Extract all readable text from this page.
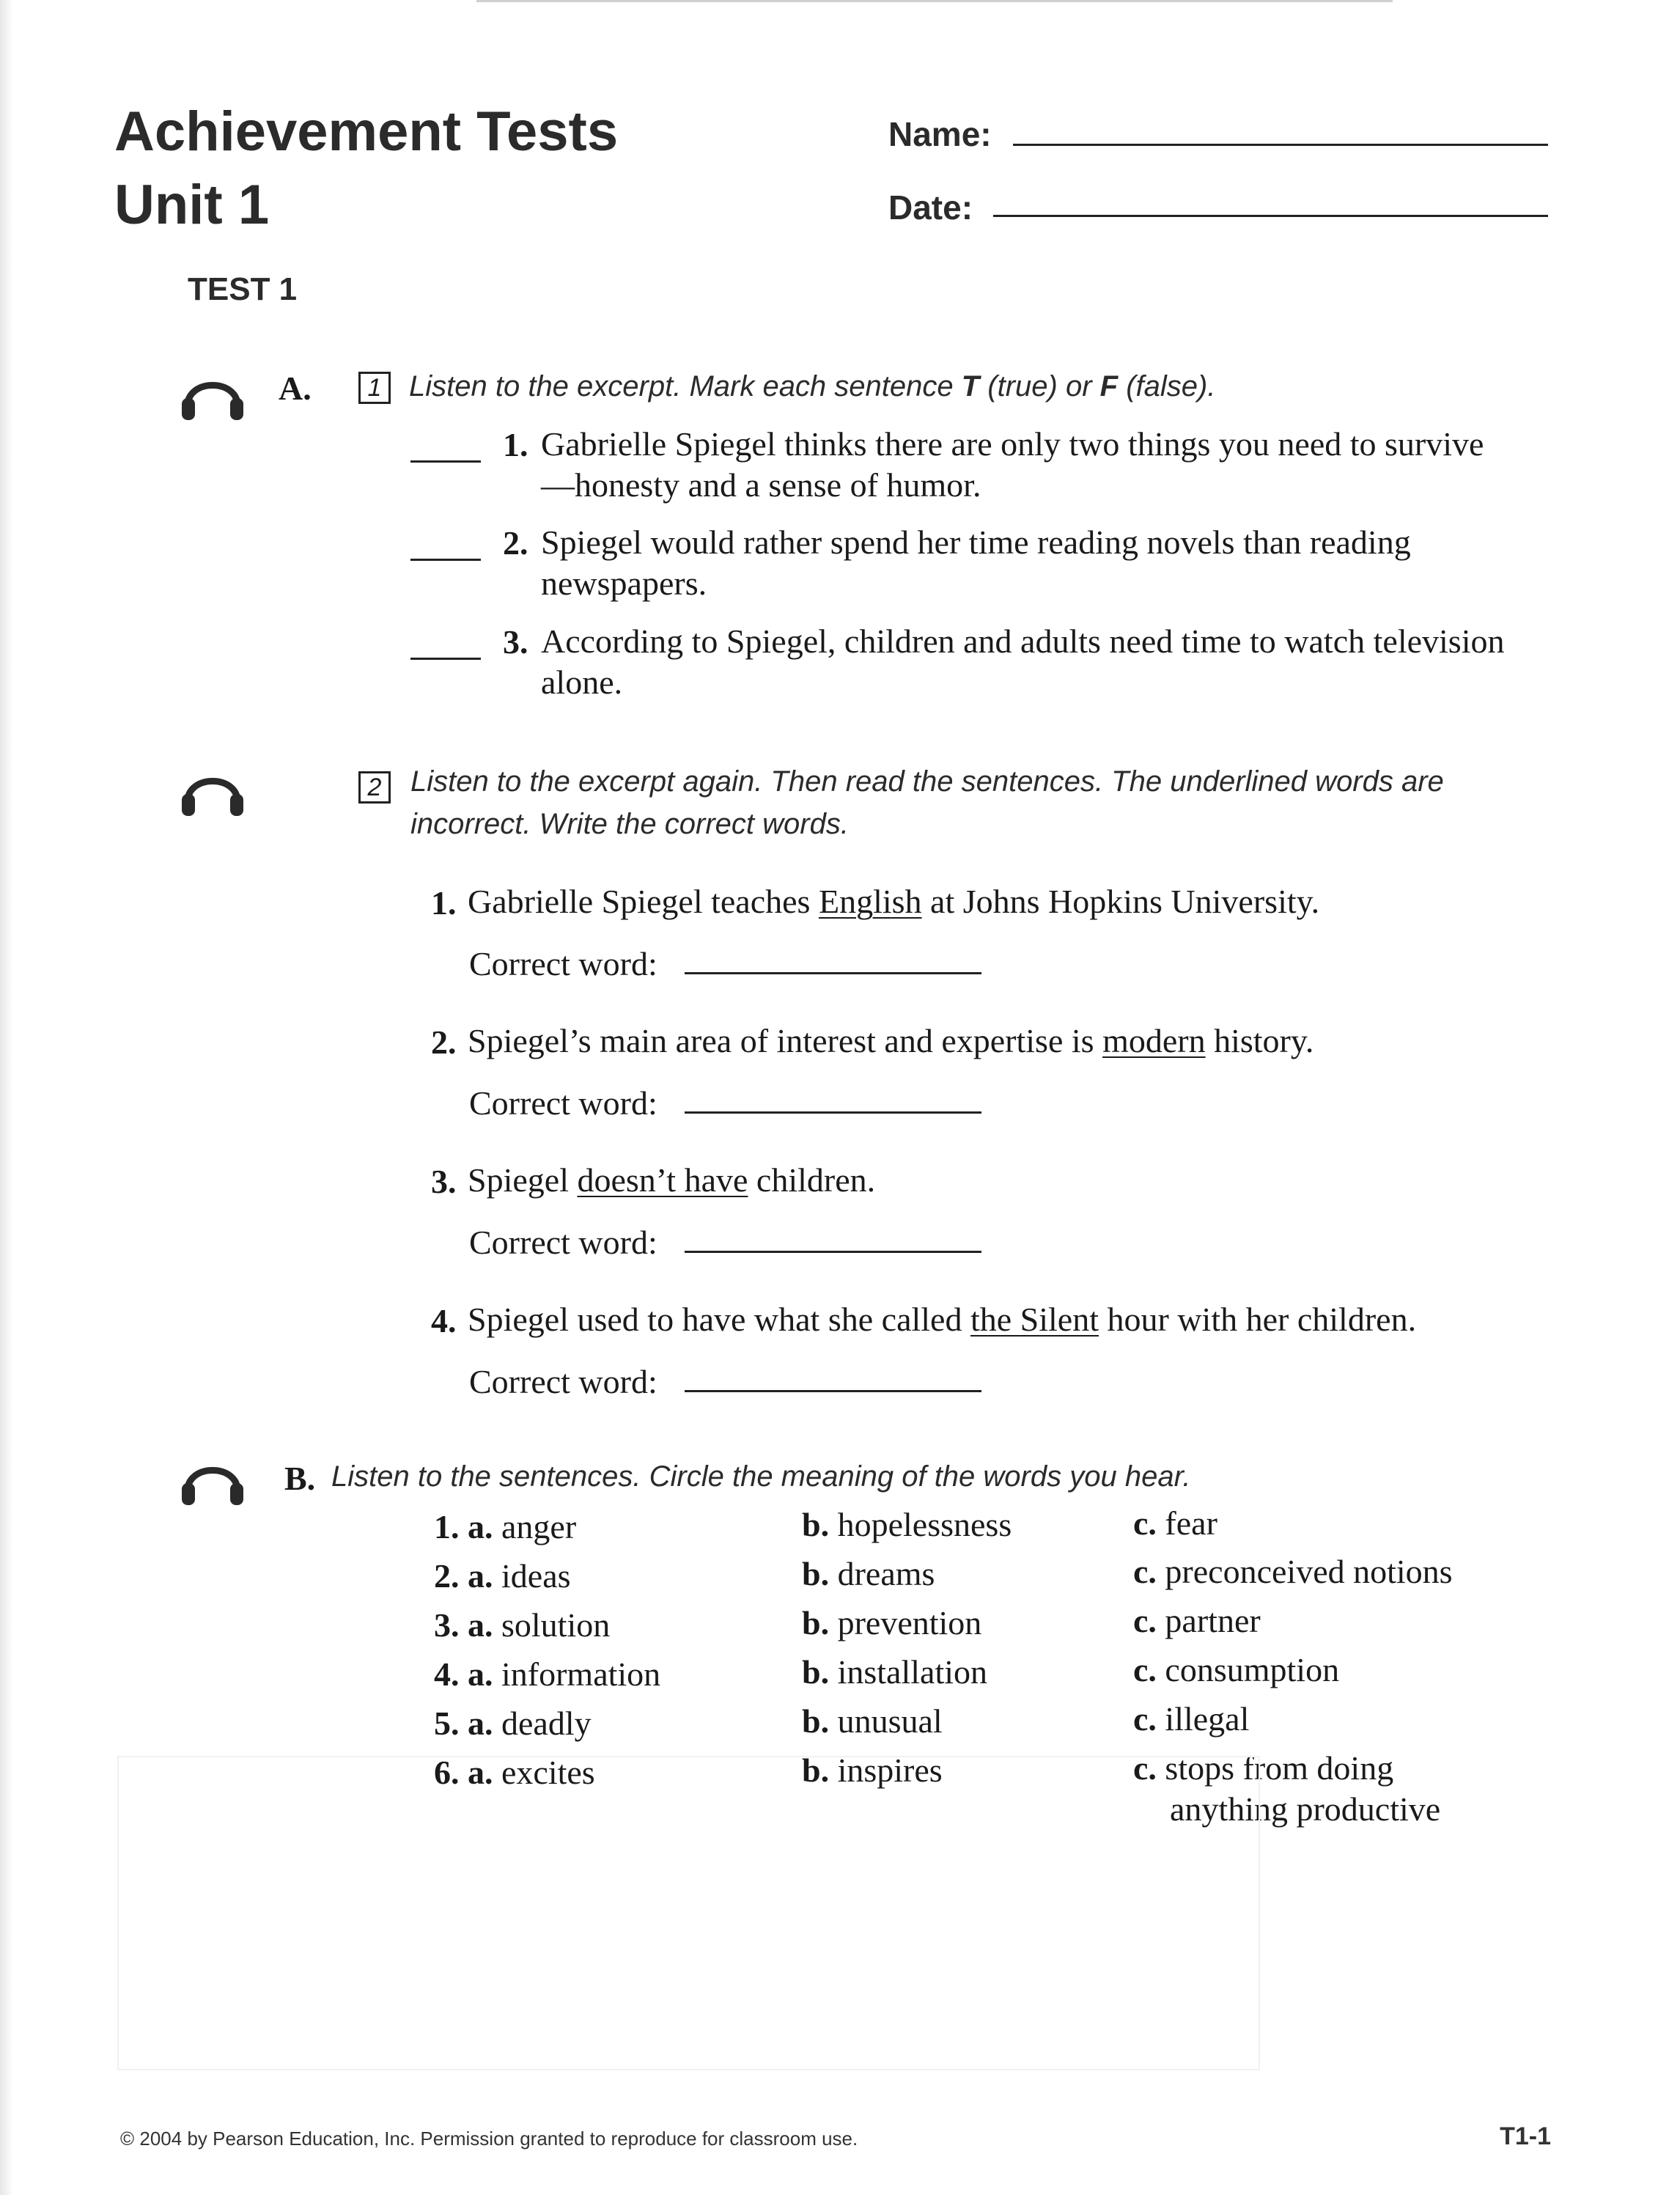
Achievement Tests
Unit 1
Name:
Date:
TEST 1
A.	1 Listen to the excerpt. Mark each sentence T (true) or F (false).
1. Gabrielle Spiegel thinks there are only two things you need to survive—honesty and a sense of humor.
2. Spiegel would rather spend her time reading novels than reading newspapers.
3. According to Spiegel, children and adults need time to watch television alone.
2 Listen to the excerpt again. Then read the sentences. The underlined words are
incorrect. Write the correct words.
1. Gabrielle Spiegel teaches English at Johns Hopkins University.
Correct word:
2. Spiegel’s main area of interest and expertise is modern history.
Correct word:
3. Spiegel doesn’t have children.
Correct word:
4. Spiegel used to have what she called the Silent hour with her children.
Correct word:
B. Listen to the sentences. Circle the meaning of the words you hear.
1. a. anger	b. hopelessness	c. fear
2. a. ideas	b. dreams	c. preconceived notions
3. a. solution	b. prevention	c. partner
4. a. information	b. installation	c. consumption
5. a. deadly	b. unusual	c. illegal
6. a. excites	b. inspires	c. stops from doing
anything productive
© 2004 by Pearson Education, Inc. Permission granted to reproduce for classroom use.	T1-1
